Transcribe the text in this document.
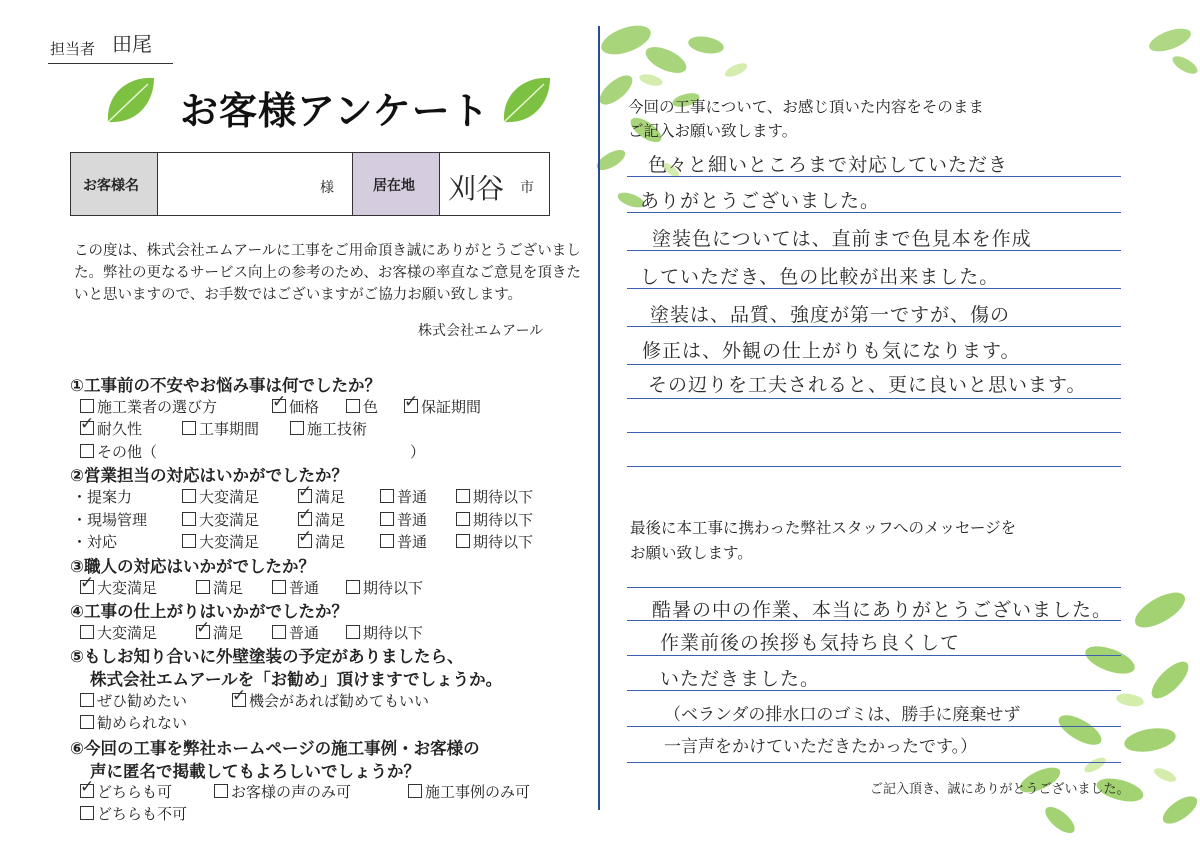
担当者 田尾
お客様アンケート
お客様名	様	居在地 刈谷 市
この度は、株式会社エムアールに工事をご用命頂き誠にありがとうございました。弊社の更なるサービス向上の参考のため、お客様の率直なご意見を頂きたいと思いますので、お手数ではございますがご協力お願い致します。
株式会社エムアール
①工事前の不安やお悩み事は何でしたか？
施工業者の選び方 ✓	価格	色 ✓	保証期間
✓耐久性	工事期間	施工技術
その他（	）
②営業担当の対応はいかがでしたか？
・提案力	大変満足 ✓	満足	普通	期待以下
・現場管理	大変満足 ✓	満足	普通	期待以下
・対応	大変満足 ✓	満足	普通	期待以下
③職人の対応はいかがでしたか？
✓大変満足	満足	普通	期待以下
④工事の仕上がりはいかがでしたか？
大変満足 ✓	満足	普通	期待以下
⑤もしお知り合いに外壁塗装の予定がありましたら、
株式会社エムアールを「お勧め」頂けますでしょうか。
ぜひ勧めたい ✓	機会があれば勧めてもいい
勧められない
⑥今回の工事を弊社ホームページの施工事例・お客様の
声に匿名で掲載してもよろしいでしょうか？
✓どちらも可	お客様の声のみ可	施工事例のみ可
どちらも不可
今回の工事について、お感じ頂いた内容をそのまま
ご記入お願い致します。
色々と細いところまで対応していただき
ありがとうございました。
塗装色については、直前まで色見本を作成
していただき、色の比較が出来ました。
塗装は、品質、強度が第一ですが、傷の
修正は、外観の仕上がりも気になります。
その辺りを工夫されると、更に良いと思います。
最後に本工事に携わった弊社スタッフへのメッセージを
お願い致します。
酷暑の中の作業、本当にありがとうございました。
作業前後の挨拶も気持ち良くして
いただきました。
（ベランダの排水口のゴミは、勝手に廃棄せず
一言声をかけていただきたかったです。）
ご記入頂き、誠にありがとうございました。
